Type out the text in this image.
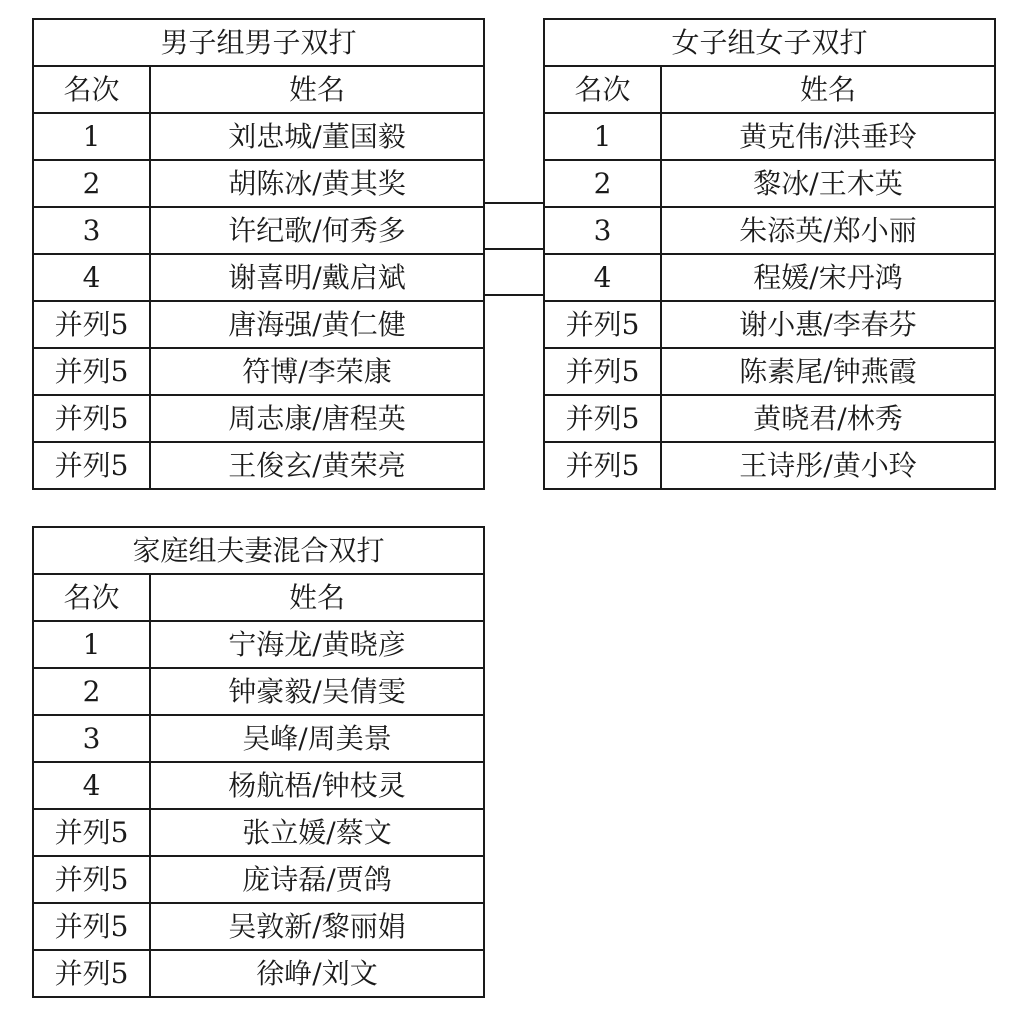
男子组男子双打	
名次	姓名
1	刘忠城/董国毅
2	胡陈冰/黄其奖
3	许纪歌/何秀多
4	谢喜明/戴启斌
并列5	唐海强/黄仁健
并列5	符博/李荣康
并列5	周志康/唐程英
并列5	王俊玄/黄荣亮
女子组女子双打	
名次	姓名
1	黄克伟/洪垂玲
2	黎冰/王木英
3	朱添英/郑小丽
4	程媛/宋丹鸿
并列5	谢小惠/李春芬
并列5	陈素尾/钟燕霞
并列5	黄晓君/林秀
并列5	王诗彤/黄小玲
家庭组夫妻混合双打	
名次	姓名
1	宁海龙/黄晓彦
2	钟豪毅/吴倩雯
3	吴峰/周美景
4	杨航梧/钟枝灵
并列5	张立媛/蔡文
并列5	庞诗磊/贾鸽
并列5	吴敦新/黎丽娟
并列5	徐峥/刘文
